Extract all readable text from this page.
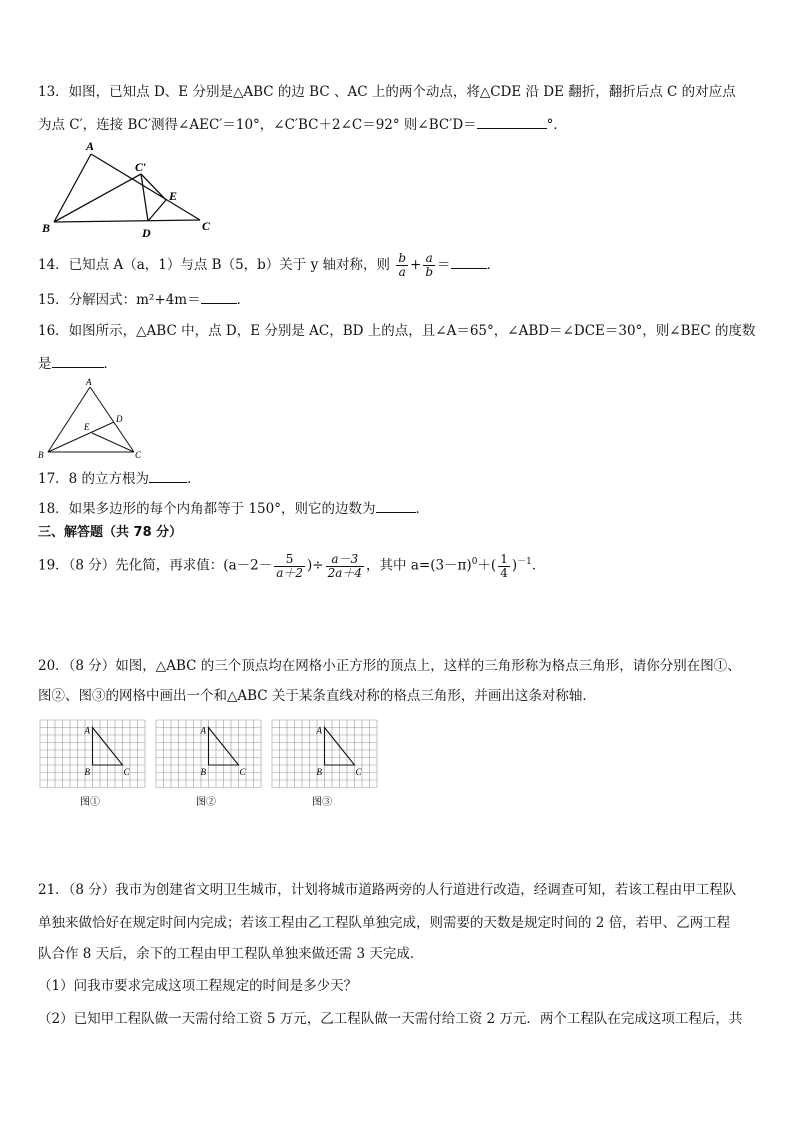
13．如图，已知点 D、E 分别是△ABC 的边 BC 、AC 上的两个动点，将△CDE 沿 DE 翻折，翻折后点 C 的对应点
为点 C′，连接 BC′测得∠AEC′＝10°，∠C′BC＋2∠C＝92° 则∠BC′D＝	°．
A
B	C
D
E
C′
14．已知点 A（a，1）与点 B（5，b）关于 y 轴对称，则 $\frac{b}{a} + \frac{a}{b}$ ＝	．
15．分解因式：m²+4m＝	．
16．如图所示，△ABC 中，点 D，E 分别是 AC，BD 上的点，且∠A＝65°，∠ABD＝∠DCE＝30°，则∠BEC 的度数
是	．
A
B	C
D
E
17．8 的立方根为	．
18．如果多边形的每个内角都等于 150°，则它的边数为	．
三、解答题（共 78 分）
19．（8 分）先化简，再求值：($a-2- \frac{5}{a+2}$ )÷ $\frac{a-3}{2a+4}$ ，其中 $a=(3-\pi)^0+( \frac{1}{4} )^{-1}$．
20．（8 分）如图，△ABC 的三个顶点均在网格小正方形的顶点上，这样的三角形称为格点三角形，请你分别在图①、
图②、图③的网格中画出一个和△ABC 关于某条直线对称的格点三角形，并画出这条对称轴．
A
B	C
图①
A
B	C
图②
A
B	C
图③
21．（8 分）我市为创建省文明卫生城市，计划将城市道路两旁的人行道进行改造，经调查可知，若该工程由甲工程队
单独来做恰好在规定时间内完成；若该工程由乙工程队单独完成，则需要的天数是规定时间的 2 倍，若甲、乙两工程
队合作 8 天后，余下的工程由甲工程队单独来做还需 3 天完成．
（1）问我市要求完成这项工程规定的时间是多少天？
（2）已知甲工程队做一天需付给工资 5 万元，乙工程队做一天需付给工资 2 万元．两个工程队在完成这项工程后，共
